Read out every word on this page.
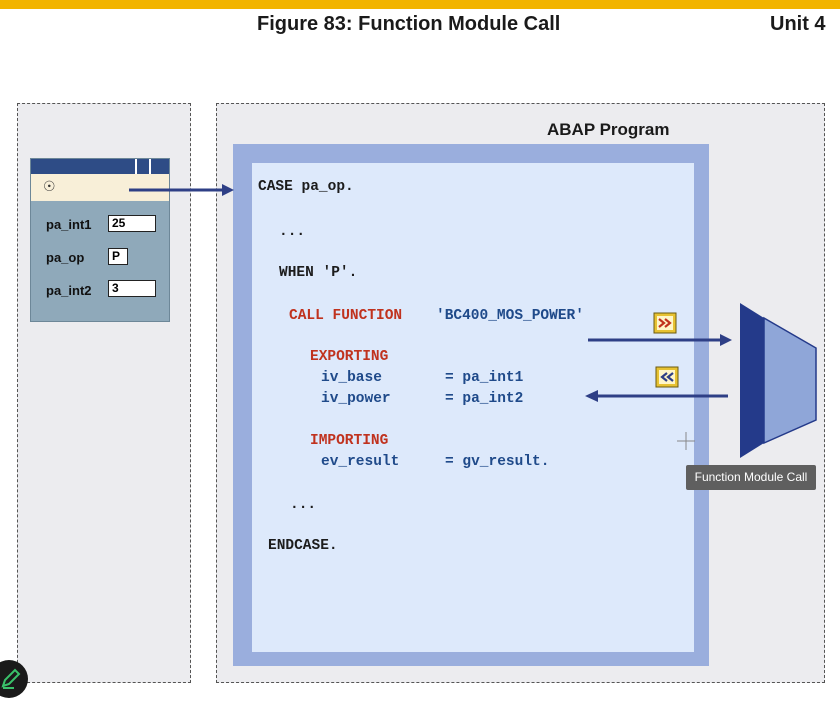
Figure 83: Function Module Call	Unit 4
ABAP Program
☉
pa_int1	25
pa_op	P
pa_int2	3
CASE pa_op.
...
WHEN 'P'.
CALL FUNCTION 'BC400_MOS_POWER'
EXPORTING
iv_base	= pa_int1
iv_power	= pa_int2
IMPORTING
ev_result	= gv_result.
...
ENDCASE.
Function Module Call
